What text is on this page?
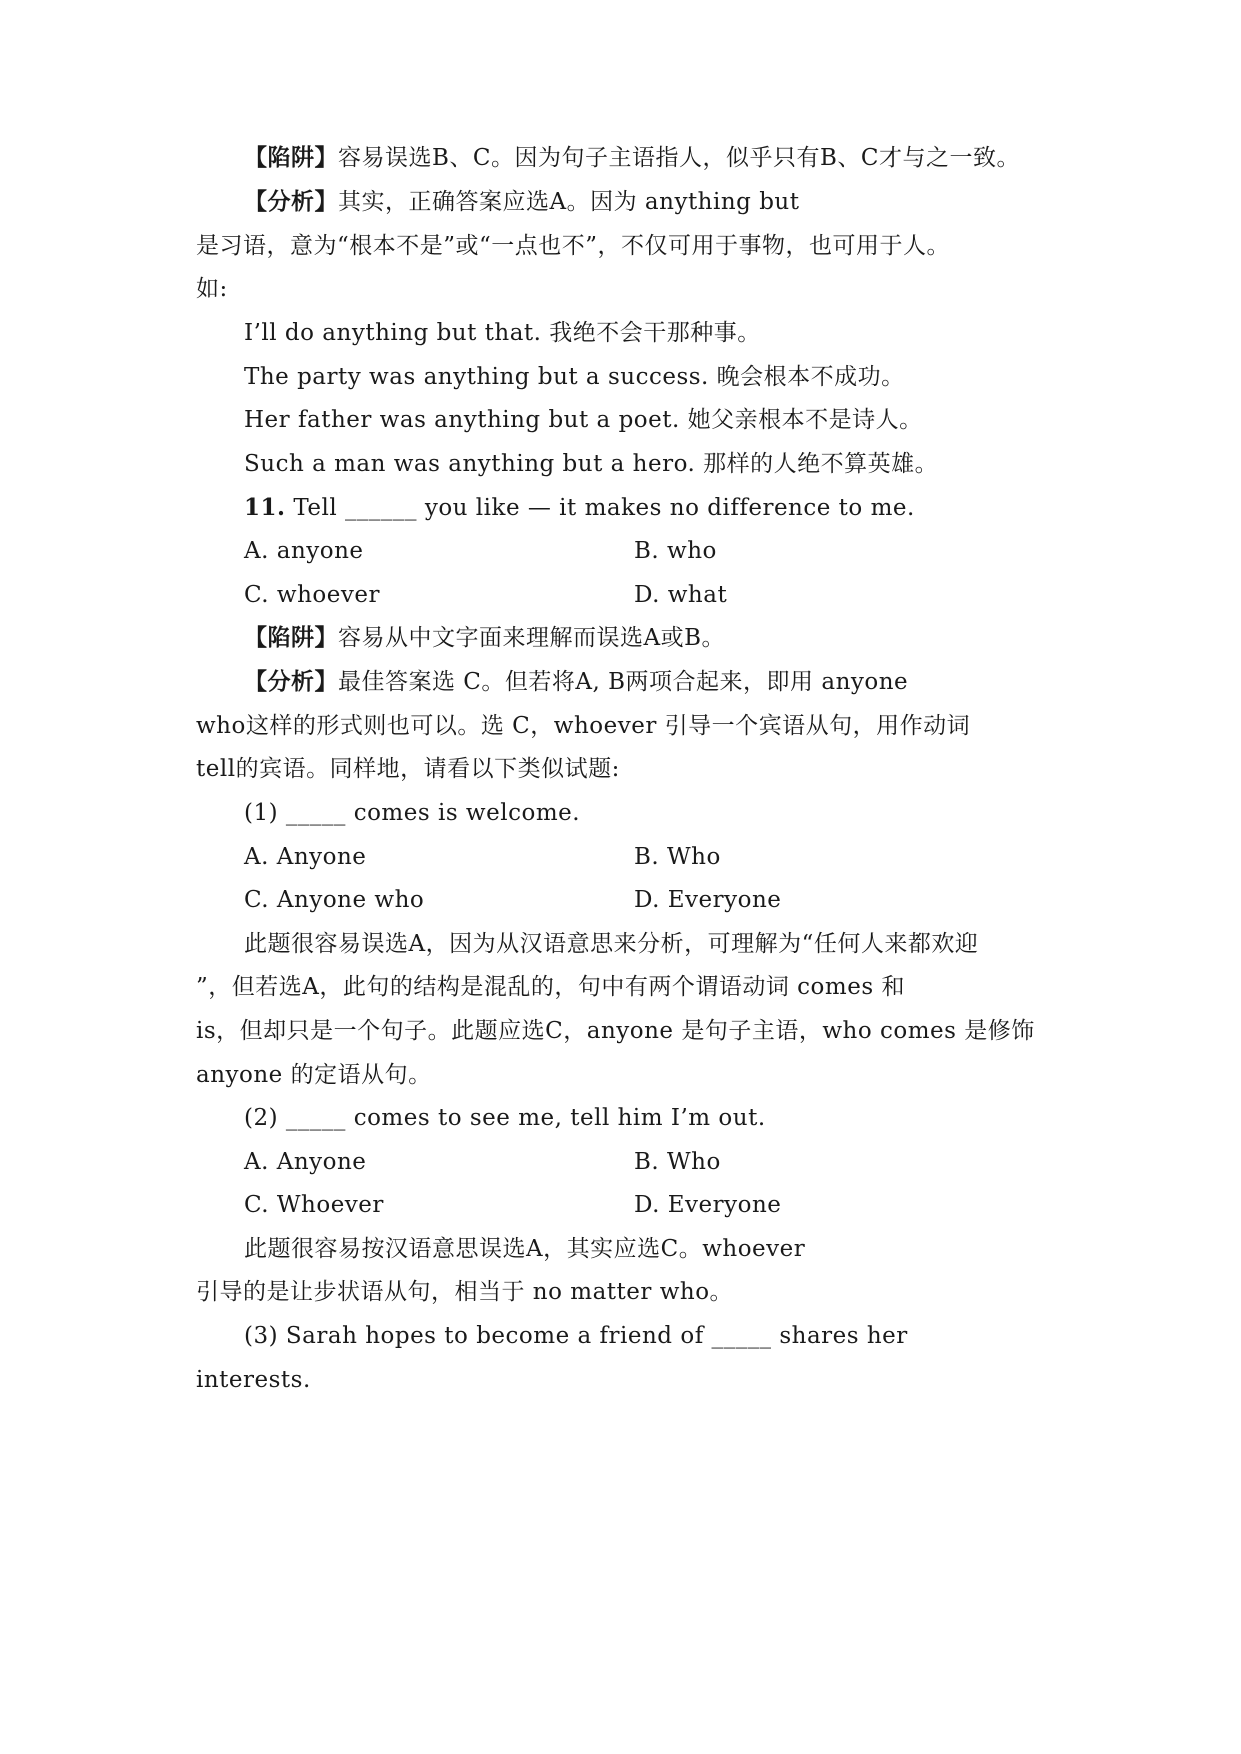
【陷阱】容易误选B、C。因为句子主语指人，似乎只有B、C才与之一致。
【分析】其实，正确答案应选A。因为 anything but
是习语，意为“根本不是”或“一点也不”，不仅可用于事物，也可用于人。
如:
I’ll do anything but that. 我绝不会干那种事。
The party was anything but a success. 晚会根本不成功。
Her father was anything but a poet. 她父亲根本不是诗人。
Such a man was anything but a hero. 那样的人绝不算英雄。
11. Tell ______ you like — it makes no difference to me.
A. anyone	B. who
C. whoever	D. what
【陷阱】容易从中文字面来理解而误选A或B。
【分析】最佳答案选 C。但若将A, B两项合起来，即用 anyone
who这样的形式则也可以。选 C，whoever 引导一个宾语从句，用作动词
tell的宾语。同样地，请看以下类似试题:
(1) _____ comes is welcome.
A. Anyone	B. Who
C. Anyone who	D. Everyone
此题很容易误选A，因为从汉语意思来分析，可理解为“任何人来都欢迎
”，但若选A，此句的结构是混乱的，句中有两个谓语动词 comes 和
is，但却只是一个句子。此题应选C，anyone 是句子主语，who comes 是修饰
anyone 的定语从句。
(2) _____ comes to see me, tell him I’m out.
A. Anyone	B. Who
C. Whoever	D. Everyone
此题很容易按汉语意思误选A，其实应选C。whoever
引导的是让步状语从句，相当于 no matter who。
(3) Sarah hopes to become a friend of _____ shares her
interests.
